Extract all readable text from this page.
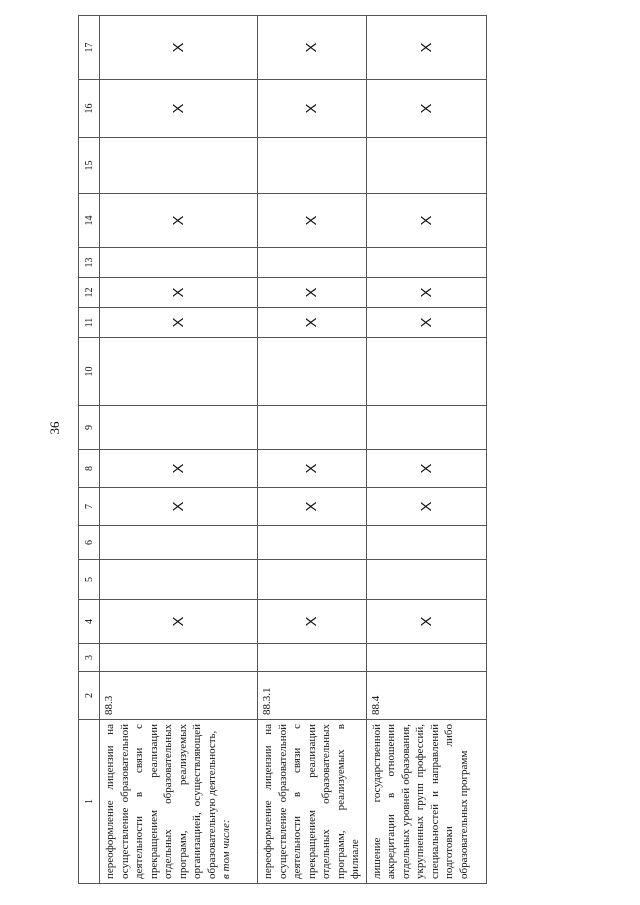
36
1	2	3	4	5	6	7	8	9	10	11	12	13	14	15	16	17

переоформление лицензии на осуществление образовательной деятельности в связи с прекращением реализации отдельных образовательных программ, реализуемых организацией, осуществляющей образовательную деятельность, в том числе:	88.3		X			X	X			X	X		X		X	X

переоформление лицензии на осуществление образовательной деятельности в связи с прекращением реализации отдельных образовательных программ, реализуемых в филиале	88.3.1		X			X	X			X	X		X		X	X

лишение государственной аккредитации в отношении отдельных уровней образования, укрупненных групп профессий, специальностей и направлений подготовки либо образовательных программ	88.4		X			X	X			X	X		X		X	X
